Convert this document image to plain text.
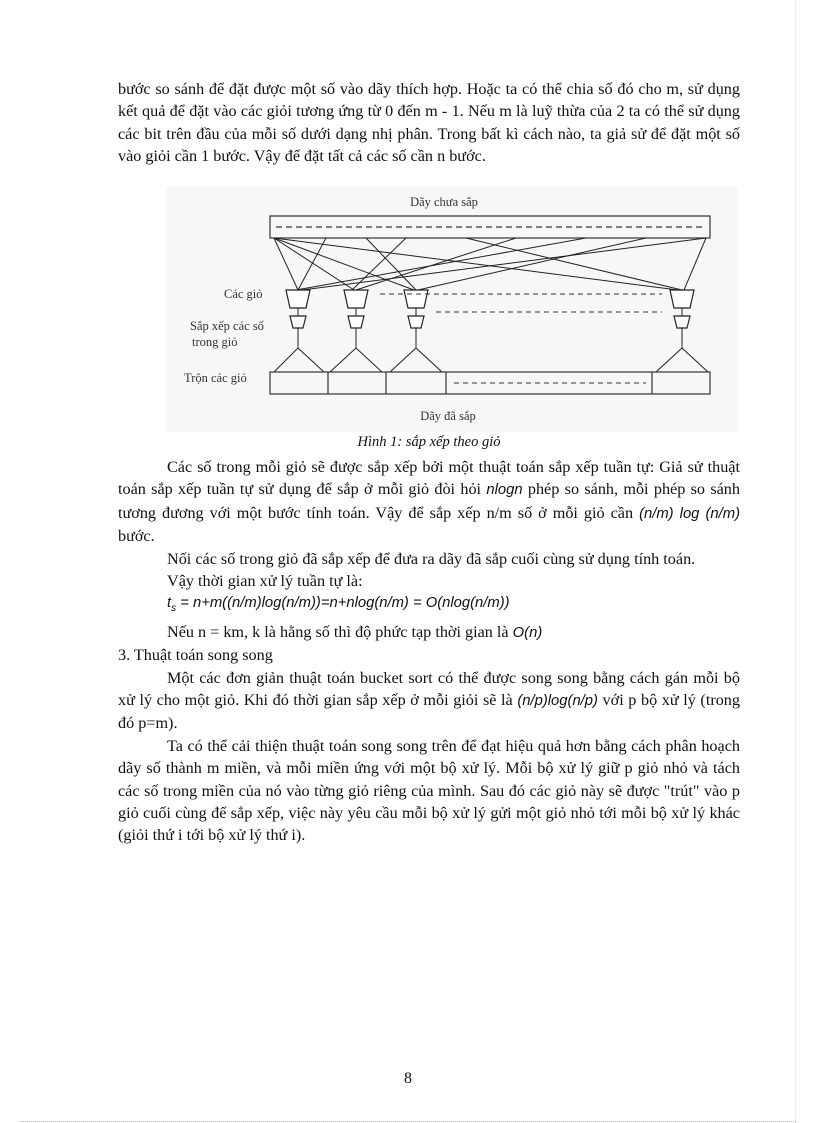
bước so sánh để đặt được một số vào dãy thích hợp. Hoặc ta có thể chia số đó cho m, sử dụng kết quả để đặt vào các giỏi tương ứng từ 0 đến m - 1. Nếu m là luỹ thừa của 2 ta có thể sử dụng các bit trên đầu của mỗi số dưới dạng nhị phân. Trong bất kì cách nào, ta giả sử để đặt một số vào giỏi cần 1 bước. Vậy để đặt tất cả các số cần n bước.

Dãy chưa sắp
Các giỏ
Sắp xếp các số
trong giỏ
Trộn các giỏ
Dãy đã sắp
Hình 1: sắp xếp theo giỏ

Các số trong mỗi giỏ sẽ được sắp xếp bởi một thuật toán sắp xếp tuần tự: Giả sử thuật toán sắp xếp tuần tự sử dụng để sắp ở mỗi giỏ đòi hỏi nlogn phép so sánh, mỗi phép so sánh tương đương với một bước tính toán. Vậy để sắp xếp n/m số ở mỗi giỏ cần (n/m) log (n/m) bước.

Nối các số trong giỏ đã sắp xếp để đưa ra dãy đã sắp cuối cùng sử dụng tính toán.

Vậy thời gian xử lý tuần tự là:

$t_s = n+m((n/m)\log(n/m))=n+nlog(n/m) = O(nlog(n/m))$

Nếu n = km, k là hằng số thì độ phức tạp thời gian là O(n)

3. Thuật toán song song

Một các đơn giản thuật toán bucket sort có thể được song song bằng cách gán mỗi bộ xử lý cho một giỏ. Khi đó thời gian sắp xếp ở mỗi giỏi sẽ là (n/p)log(n/p) với p bộ xử lý (trong đó p=m).

Ta có thể cải thiện thuật toán song song trên để đạt hiệu quả hơn bằng cách phân hoạch dãy số thành m miền, và mỗi miền ứng với một bộ xử lý. Mỗi bộ xử lý giữ p giỏ nhỏ và tách các số trong miền của nó vào từng giỏ riêng của mình. Sau đó các giỏ này sẽ được "trút" vào p giỏ cuối cùng để sắp xếp, việc này yêu cầu mỗi bộ xử lý gửi một giỏ nhỏ tới mỗi bộ xử lý khác (giỏi thứ i tới bộ xử lý thứ i).

8
